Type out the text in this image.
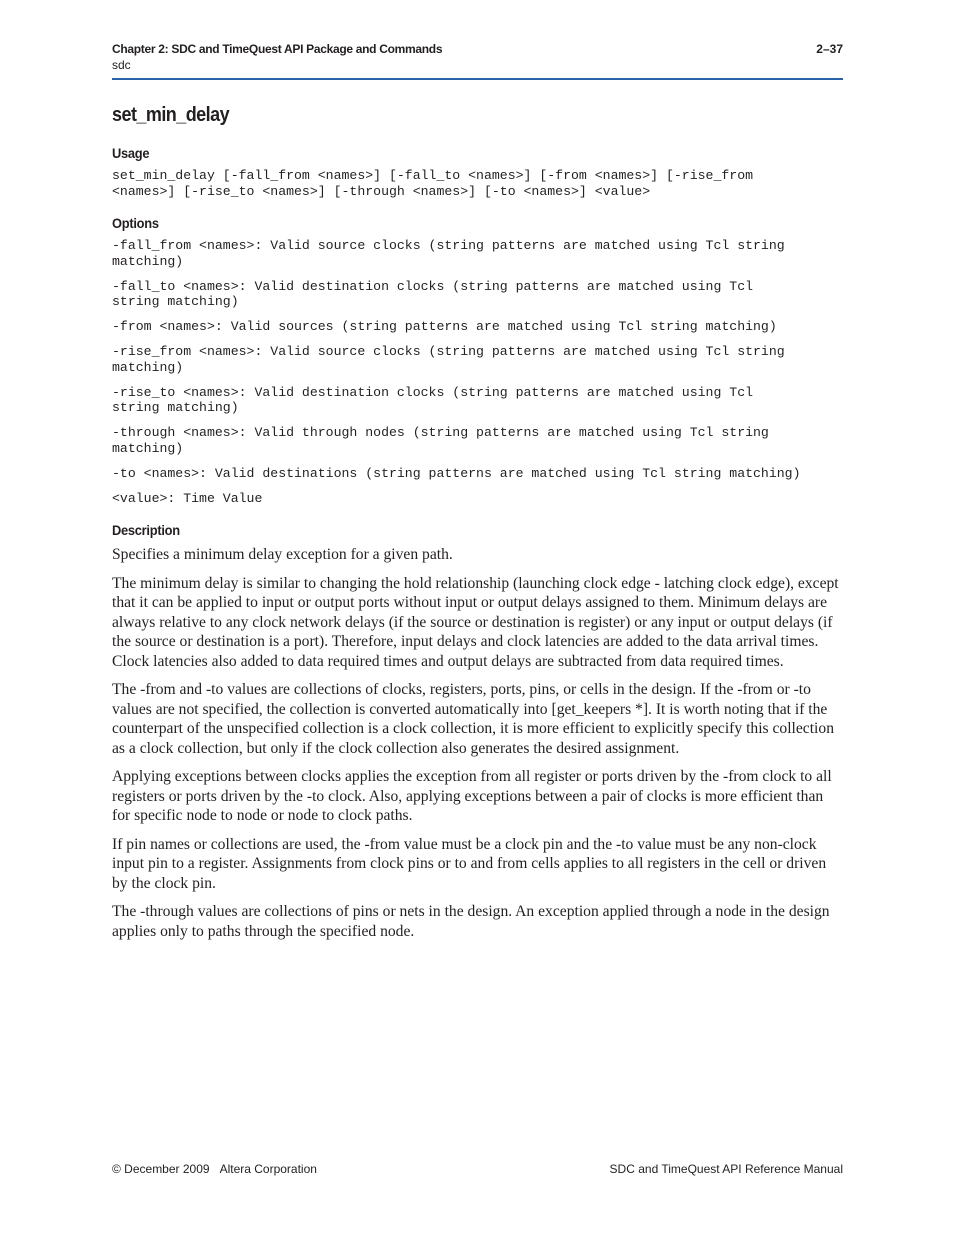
Chapter 2: SDC and TimeQuest API Package and Commands	2–37
sdc
set_min_delay
Usage
set_min_delay [-fall_from <names>] [-fall_to <names>] [-from <names>] [-rise_from
<names>] [-rise_to <names>] [-through <names>] [-to <names>] <value>
Options
-fall_from <names>: Valid source clocks (string patterns are matched using Tcl string
matching)
-fall_to <names>: Valid destination clocks (string patterns are matched using Tcl
string matching)
-from <names>: Valid sources (string patterns are matched using Tcl string matching)
-rise_from <names>: Valid source clocks (string patterns are matched using Tcl string
matching)
-rise_to <names>: Valid destination clocks (string patterns are matched using Tcl
string matching)
-through <names>: Valid through nodes (string patterns are matched using Tcl string
matching)
-to <names>: Valid destinations (string patterns are matched using Tcl string matching)
<value>: Time Value
Description

Specifies a minimum delay exception for a given path.

The minimum delay is similar to changing the hold relationship (launching clock edge - latching clock edge), except that it can be applied to input or output ports without input or output delays assigned to them. Minimum delays are always relative to any clock network delays (if the source or destination is register) or any input or output delays (if the source or destination is a port). Therefore, input delays and clock latencies are added to the data arrival times. Clock latencies also added to data required times and output delays are subtracted from data required times.

The -from and -to values are collections of clocks, registers, ports, pins, or cells in the design. If the -from or -to values are not specified, the collection is converted automatically into [get_keepers *]. It is worth noting that if the counterpart of the unspecified collection is a clock collection, it is more efficient to explicitly specify this collection as a clock collection, but only if the clock collection also generates the desired assignment.

Applying exceptions between clocks applies the exception from all register or ports driven by the -from clock to all registers or ports driven by the -to clock. Also, applying exceptions between a pair of clocks is more efficient than for specific node to node or node to clock paths.

If pin names or collections are used, the -from value must be a clock pin and the -to value must be any non-clock input pin to a register. Assignments from clock pins or to and from cells applies to all registers in the cell or driven by the clock pin.

The -through values are collections of pins or nets in the design. An exception applied through a node in the design applies only to paths through the specified node.

© December 2009 Altera Corporation	SDC and TimeQuest API Reference Manual
